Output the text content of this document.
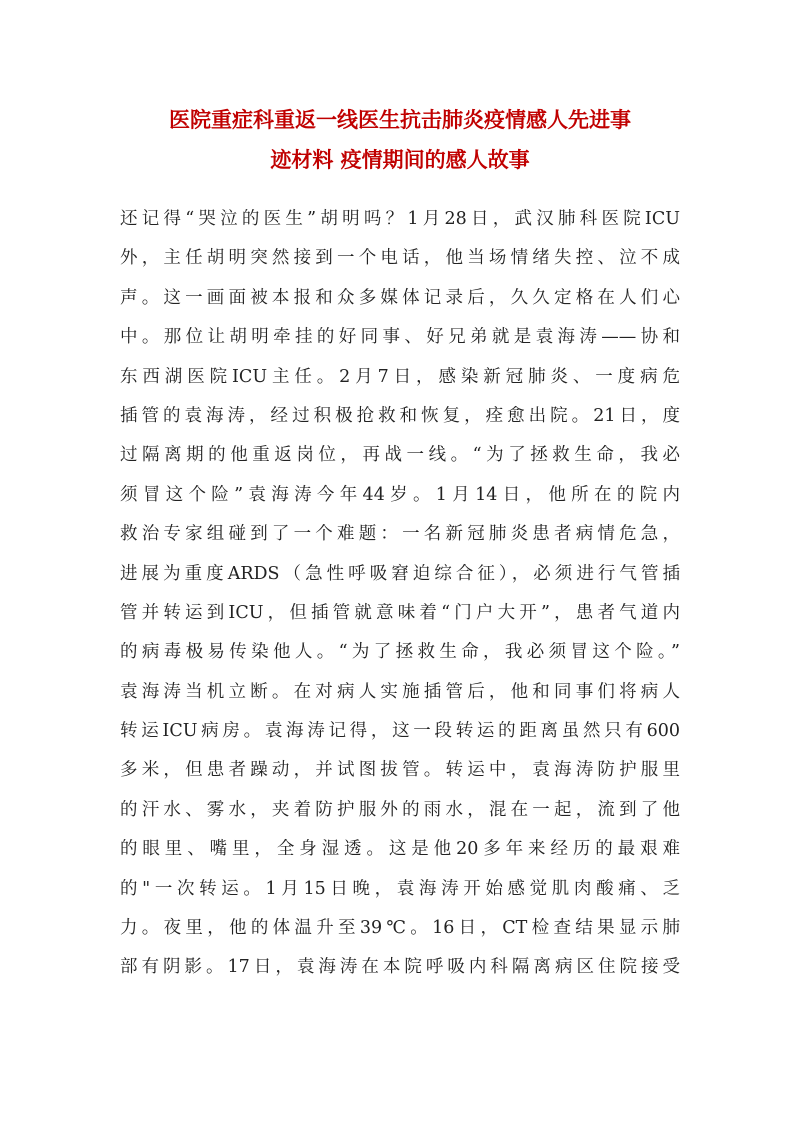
医院重症科重返一线医生抗击肺炎疫情感人先进事
迹材料 疫情期间的感人故事
还记得“哭泣的医生”胡明吗？1月28日，武汉肺科医院ICU
外，主任胡明突然接到一个电话，他当场情绪失控、泣不成
声。这一画面被本报和众多媒体记录后，久久定格在人们心
中。那位让胡明牵挂的好同事、好兄弟就是袁海涛——协和
东西湖医院ICU主任。2月7日，感染新冠肺炎、一度病危
插管的袁海涛，经过积极抢救和恢复，痊愈出院。21日，度
过隔离期的他重返岗位，再战一线。“为了拯救生命，我必
须冒这个险”袁海涛今年44岁。1月14日，他所在的院内
救治专家组碰到了一个难题：一名新冠肺炎患者病情危急，
进展为重度ARDS（急性呼吸窘迫综合征），必须进行气管插
管并转运到ICU，但插管就意味着“门户大开”，患者气道内
的病毒极易传染他人。“为了拯救生命，我必须冒这个险。”
袁海涛当机立断。在对病人实施插管后，他和同事们将病人
转运ICU病房。袁海涛记得，这一段转运的距离虽然只有600
多米，但患者躁动，并试图拔管。转运中，袁海涛防护服里
的汗水、雾水，夹着防护服外的雨水，混在一起，流到了他
的眼里、嘴里，全身湿透。这是他20多年来经历的最艰难
的"一次转运。1月15日晚，袁海涛开始感觉肌肉酸痛、乏
力。夜里，他的体温升至39℃。16日，CT检查结果显示肺
部有阴影。17日，袁海涛在本院呼吸内科隔离病区住院接受
